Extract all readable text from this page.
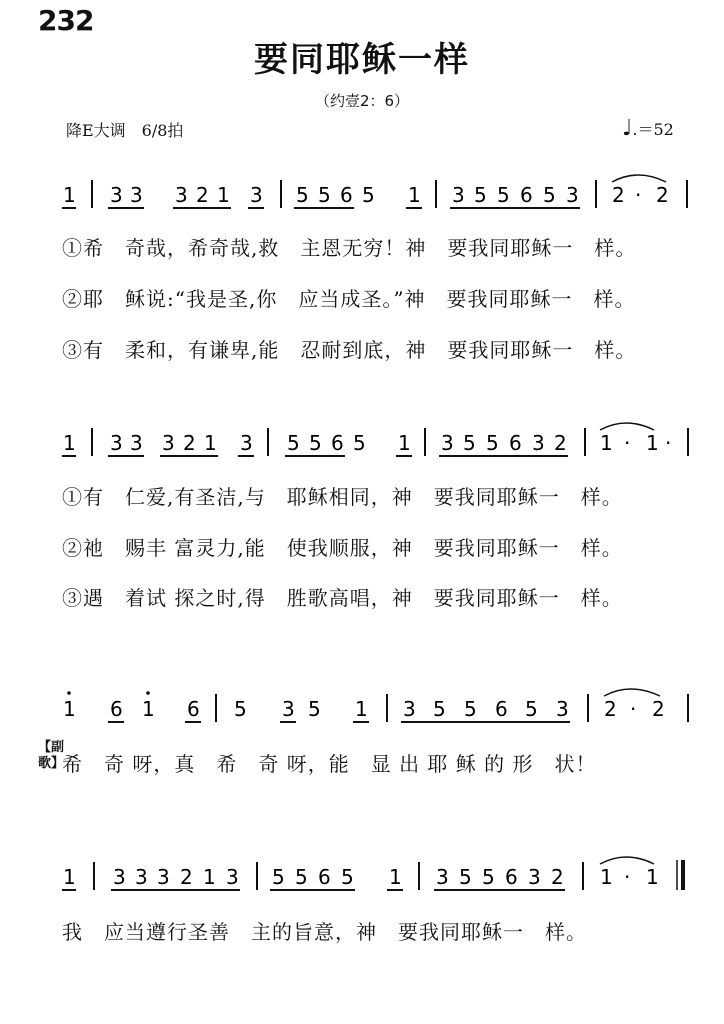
232
要同耶稣一样
（约壹2：6）
降E大调　6/8拍	♩.＝52
1 3 3 3 2 1 3 5 5 6 5 1 3 5 5 6 5 3 2 · 2
1 3 3 3 2 1 3 5 5 6 5 1 3 5 5 6 3 2 1 · 1 ·
1 6 1 6 5 3 5 1 3 5 5 6 5 3 2 · 2
1 3 3 3 2 1 3 5 5 6 5 1 3 5 5 6 3 2 1 · 1
①希　奇哉，希奇哉,救　主恩无穷！神　要我同耶稣一　样。
②耶　稣说:“我是圣,你　应当成圣。”神　要我同耶稣一　样。
③有　柔和，有谦卑,能　忍耐到底，神　要我同耶稣一　样。
①有　仁爱,有圣洁,与　耶稣相同，神　要我同耶稣一　样。
②祂　赐丰 富灵力,能　使我顺服，神　要我同耶稣一　样。
③遇　着试 探之时,得　胜歌高唱，神　要我同耶稣一　样。
【副歌】
希　奇 呀，真　希　奇 呀，能　显 出 耶 稣 的 形　状！
我　应当遵行圣善　主的旨意，神　要我同耶稣一　样。
